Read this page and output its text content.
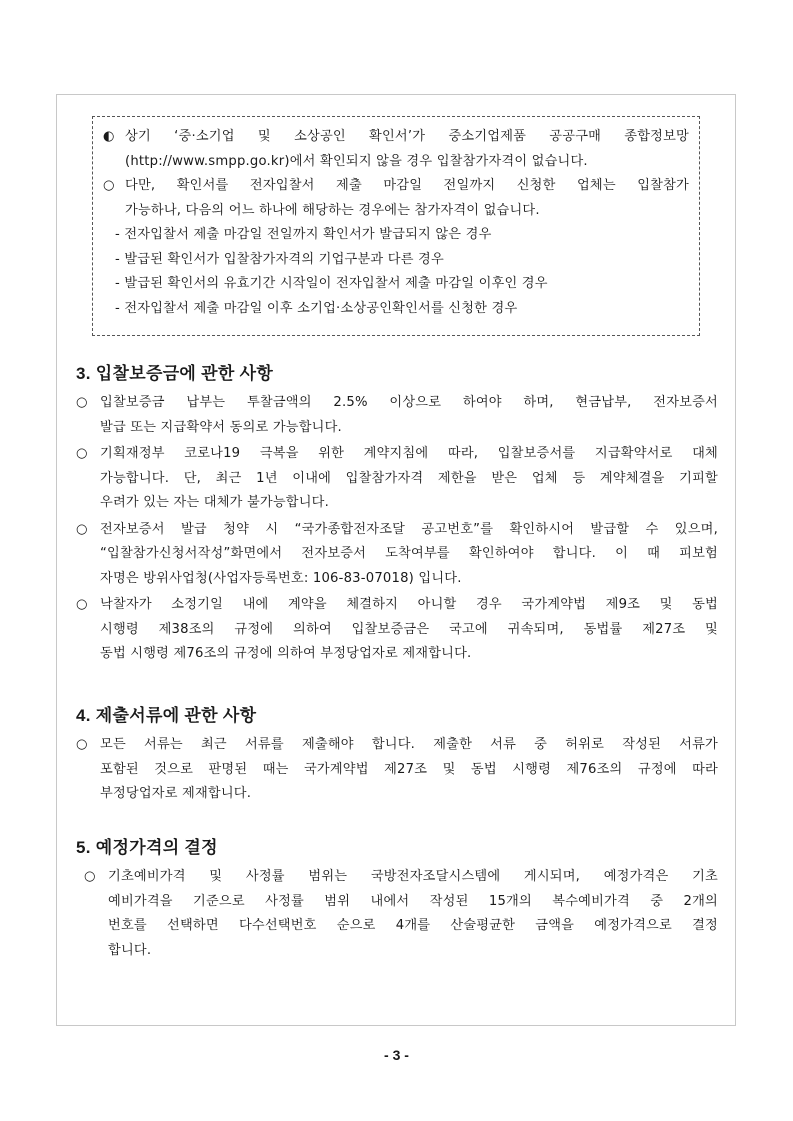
◐ 상기 ‘중·소기업 및 소상공인 확인서’가 중소기업제품 공공구매 종합정보망
(http://www.smpp.go.kr)에서 확인되지 않을 경우 입찰참가자격이 없습니다.
○ 다만, 확인서를 전자입찰서 제출 마감일 전일까지 신청한 업체는 입찰참가
가능하나, 다음의 어느 하나에 해당하는 경우에는 참가자격이 없습니다.
- 전자입찰서 제출 마감일 전일까지 확인서가 발급되지 않은 경우
- 발급된 확인서가 입찰참가자격의 기업구분과 다른 경우
- 발급된 확인서의 유효기간 시작일이 전자입찰서 제출 마감일 이후인 경우
- 전자입찰서 제출 마감일 이후 소기업·소상공인확인서를 신청한 경우
3. 입찰보증금에 관한 사항
○ 입찰보증금 납부는 투찰금액의 2.5% 이상으로 하여야 하며, 현금납부, 전자보증서
발급 또는 지급확약서 동의로 가능합니다.
○ 기획재정부 코로나19 극복을 위한 계약지침에 따라, 입찰보증서를 지급확약서로 대체
가능합니다. 단, 최근 1년 이내에 입찰참가자격 제한을 받은 업체 등 계약체결을 기피할
우려가 있는 자는 대체가 불가능합니다.
○ 전자보증서 발급 청약 시 “국가종합전자조달 공고번호”를 확인하시어 발급할 수 있으며,
“입찰참가신청서작성”화면에서 전자보증서 도착여부를 확인하여야 합니다. 이 때 피보험
자명은 방위사업청(사업자등록번호: 106-83-07018) 입니다.
○ 낙찰자가 소정기일 내에 계약을 체결하지 아니할 경우 국가계약법 제9조 및 동법
시행령 제38조의 규정에 의하여 입찰보증금은 국고에 귀속되며, 동법률 제27조 및
동법 시행령 제76조의 규정에 의하여 부정당업자로 제재합니다.
4. 제출서류에 관한 사항
○ 모든 서류는 최근 서류를 제출해야 합니다. 제출한 서류 중 허위로 작성된 서류가
포함된 것으로 판명된 때는 국가계약법 제27조 및 동법 시행령 제76조의 규정에 따라
부정당업자로 제재합니다.
5. 예정가격의 결정
○ 기초예비가격 및 사정률 범위는 국방전자조달시스템에 게시되며, 예정가격은 기초
예비가격을 기준으로 사정률 범위 내에서 작성된 15개의 복수예비가격 중 2개의
번호를 선택하면 다수선택번호 순으로 4개를 산술평균한 금액을 예정가격으로 결정
합니다.
- 3 -
